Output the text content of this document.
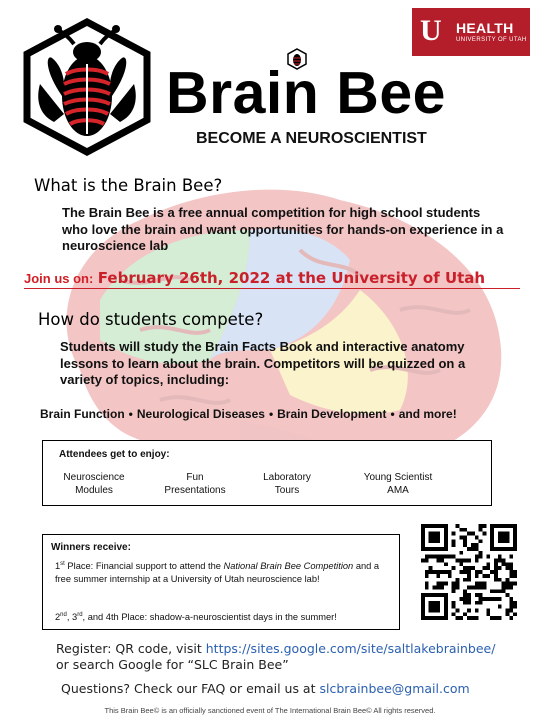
U HEALTH
UNIVERSITY OF UTAH
Brain Bee
BECOME A NEUROSCIENTIST
What is the Brain Bee?
The Brain Bee is a free annual competition for high school students who love the brain and want opportunities for hands-on experience in a neuroscience lab
Join us on: February 26th, 2022 at the University of Utah
How do students compete?
Students will study the Brain Facts Book and interactive anatomy lessons to learn about the brain. Competitors will be quizzed on a variety of topics, including:
Brain Function • Neurological Diseases • Brain Development • and more!
Attendees get to enjoy:
Neuroscience
Modules
Fun
Presentations
Laboratory
Tours
Young Scientist
AMA
Winners receive:

1st Place: Financial support to attend the National Brain Bee Competition and a free summer internship at a University of Utah neuroscience lab!

2nd, 3rd, and 4th Place: shadow-a-neuroscientist days in the summer!

Register: QR code, visit https://sites.google.com/site/saltlakebrainbee/
or search Google for “SLC Brain Bee”
Questions? Check our FAQ or email us at slcbrainbee@gmail.com
This Brain Bee© is an officially sanctioned event of The International Brain Bee© All rights reserved.
